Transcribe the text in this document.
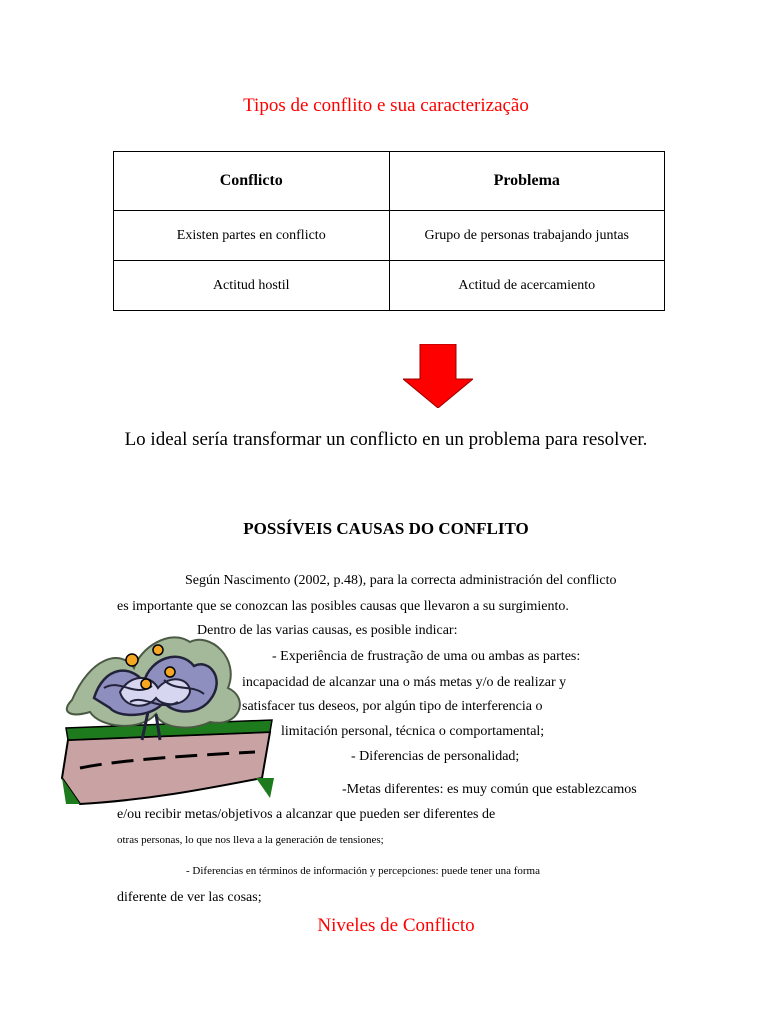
Tipos de conflito e sua caracterização
Conflicto	Problema
Existen partes en conflicto	Grupo de personas trabajando juntas
Actitud hostil	Actitud de acercamiento
Lo ideal sería transformar un conflicto en un problema para resolver.
POSSÍVEIS CAUSAS DO CONFLITO
Según Nascimento (2002, p.48), para la correcta administración del conflicto
es importante que se conozcan las posibles causas que llevaron a su surgimiento.
Dentro de las varias causas, es posible indicar:
- Experiência de frustração de uma ou ambas as partes:
incapacidad de alcanzar una o más metas y/o de realizar y
satisfacer tus deseos, por algún tipo de interferencia o
limitación personal, técnica o comportamental;
- Diferencias de personalidad;
-Metas diferentes: es muy común que establezcamos
e/ou recibir metas/objetivos a alcanzar que pueden ser diferentes de
otras personas, lo que nos lleva a la generación de tensiones;
- Diferencias en términos de información y percepciones: puede tener una forma
diferente de ver las cosas;
Niveles de Conflicto
